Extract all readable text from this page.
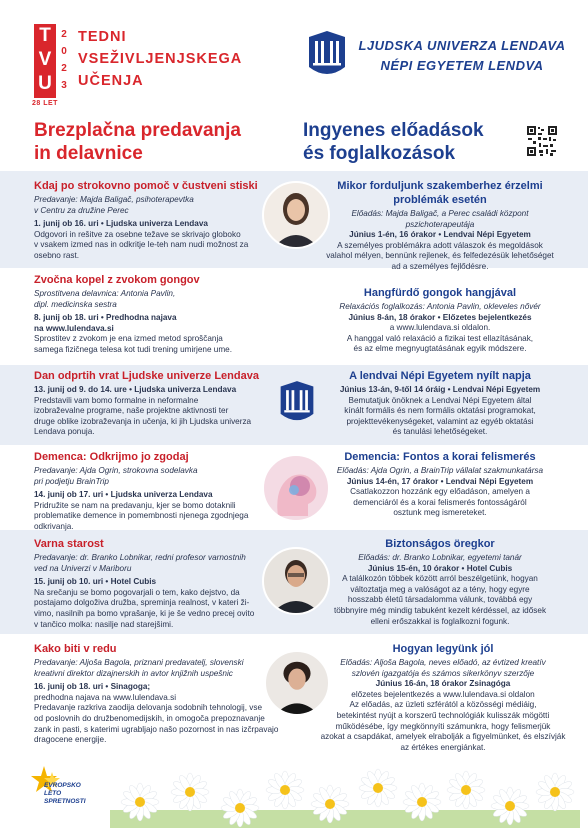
T
V
U
2
0
2
3
28 LET
TEDNI
VSEŽIVLJENJSKEGA
UČENJA
LJUDSKA UNIVERZA LENDAVA
NÉPI EGYETEM LENDVA
Brezplačna predavanja
in delavnice
Ingyenes előadások
és foglalkozások
Kdaj po strokovno pomoč v čustveni stiski
Predavanje: Majda Baligač, psihoterapevtka
v Centru za družine Perec
1. junij ob 16. uri • Ljudska univerza Lendava
Odgovori in rešitve za osebne težave se skrivajo globoko
v vsakem izmed nas in odkritje le-teh nam nudi možnost za
osebno rast.
Mikor forduljunk szakemberhez érzelmi
problémák esetén
Előadás: Majda Baligač, a Perec családi központ
pszichoterapeutája
Június 1-én, 16 órakor • Lendvai Népi Egyetem
A személyes problémákra adott válaszok és megoldások
valahol mélyen, bennünk rejlenek, és felfedezésük lehetőséget
ad a személyes fejlődésre.
Zvočna kopel z zvokom gongov
Sprostitvena delavnica: Antonia Pavlin,
dipl. medicinska sestra
8. junij ob 18. uri • Predhodna najava
na www.lulendava.si
Sprostitev z zvokom je ena izmed metod sproščanja
samega fizičnega telesa kot tudi trening umirjene ume.
Hangfürdő gongok hangjával
Relaxációs foglalkozás: Antonia Pavlin, okleveles nővér
Június 8-án, 18 órakor • Előzetes bejelentkezés
a www.lulendava.si oldalon.
A hanggal való relaxáció a fizikai test ellazításának,
és az elme megnyugtatásának egyik módszere.
Dan odprtih vrat Ljudske univerze Lendava
13. junij od 9. do 14. ure • Ljudska univerza Lendava
Predstavili vam bomo formalne in neformalne
izobraževalne programe, naše projektne aktivnosti ter
druge oblike izobraževanja in učenja, ki jih Ljudska univerza
Lendava ponuja.
A lendvai Népi Egyetem nyílt napja
Június 13-án, 9-től 14 óráig • Lendvai Népi Egyetem
Bemutatjuk önöknek a Lendvai Népi Egyetem által
kínált formális és nem formális oktatási programokat,
projekttevékenységeket, valamint az egyéb oktatási
és tanulási lehetőségeket.
Demenca: Odkrijmo jo zgodaj
Predavanje: Ajda Ogrin, strokovna sodelavka
pri podjetju BrainTrip
14. junij ob 17. uri • Ljudska univerza Lendava
Pridružite se nam na predavanju, kjer se bomo dotaknili
problematike demence in pomembnosti njenega zgodnjega
odkrivanja.
Demencia: Fontos a korai felismerés
Előadás: Ajda Ogrin, a BrainTrip vállalat szakmunkatársa
Június 14-én, 17 órakor • Lendvai Népi Egyetem
Csatlakozzon hozzánk egy előadáson, amelyen a
demenciáról és a korai felismerés fontosságáról
osztunk meg ismereteket.
Varna starost
Predavanje: dr. Branko Lobnikar, redni profesor varnostnih
ved na Univerzi v Mariboru
15. junij ob 10. uri • Hotel Cubis
Na srečanju se bomo pogovarjali o tem, kako dejstvo, da
postajamo dolgoživa družba, spreminja realnost, v kateri ži-
vimo, nasilnih pa bomo vprašanje, ki je še vedno precej ovito
v tančico molka: nasilje nad starejšimi.
Biztonságos öregkor
Előadás: dr. Branko Lobnikar, egyetemi tanár
Június 15-én, 10 órakor • Hotel Cubis
A találkozón többek között arról beszélgetünk, hogyan
változtatja meg a valóságot az a tény, hogy egyre
hosszabb életű társadalomma válunk, továbbá egy
többnyire még mindig tabuként kezelt kérdéssel, az idősek
elleni erőszakkal is foglalkozni fogunk.
Kako biti v redu
Predavanje: Aljoša Bagola, priznani predavatelj, slovenski
kreativni direktor dizajnerskih in avtor knjižnih uspešnic
16. junij ob 18. uri • Sinagoga;
predhodna najava na www.lulendava.si
Predavanje razkriva zaodija delovanja sodobnih tehnologij, vse
od poslovnih do družbenomedijskih, in omogoča prepoznavanje
zank in pasti, s katerimi ugrabljajo našo pozornost in nas izčrpavajo
dragocene energije.
Hogyan legyünk jól
Előadás: Aljoša Bagola, neves előadó, az évtized kreatív
szlovén igazgatója és számos sikerkönyv szerzője
Június 16-án, 18 órakor Zsinagóga
előzetes bejelentkezés a www.lulendava.si oldalon
Az előadás, az üzleti szférától a közösségi médiáig,
betekintést nyújt a korszerű technológiák kulisszák mögötti
működésébe, így megkönnyíti számunkra, hogy felismerjük
azokat a csapdákat, amelyek elrabolják a figyelmünket, és elszívják
az értékes energiánkat.
EVROPSKO
LETO
SPRETNOSTI
